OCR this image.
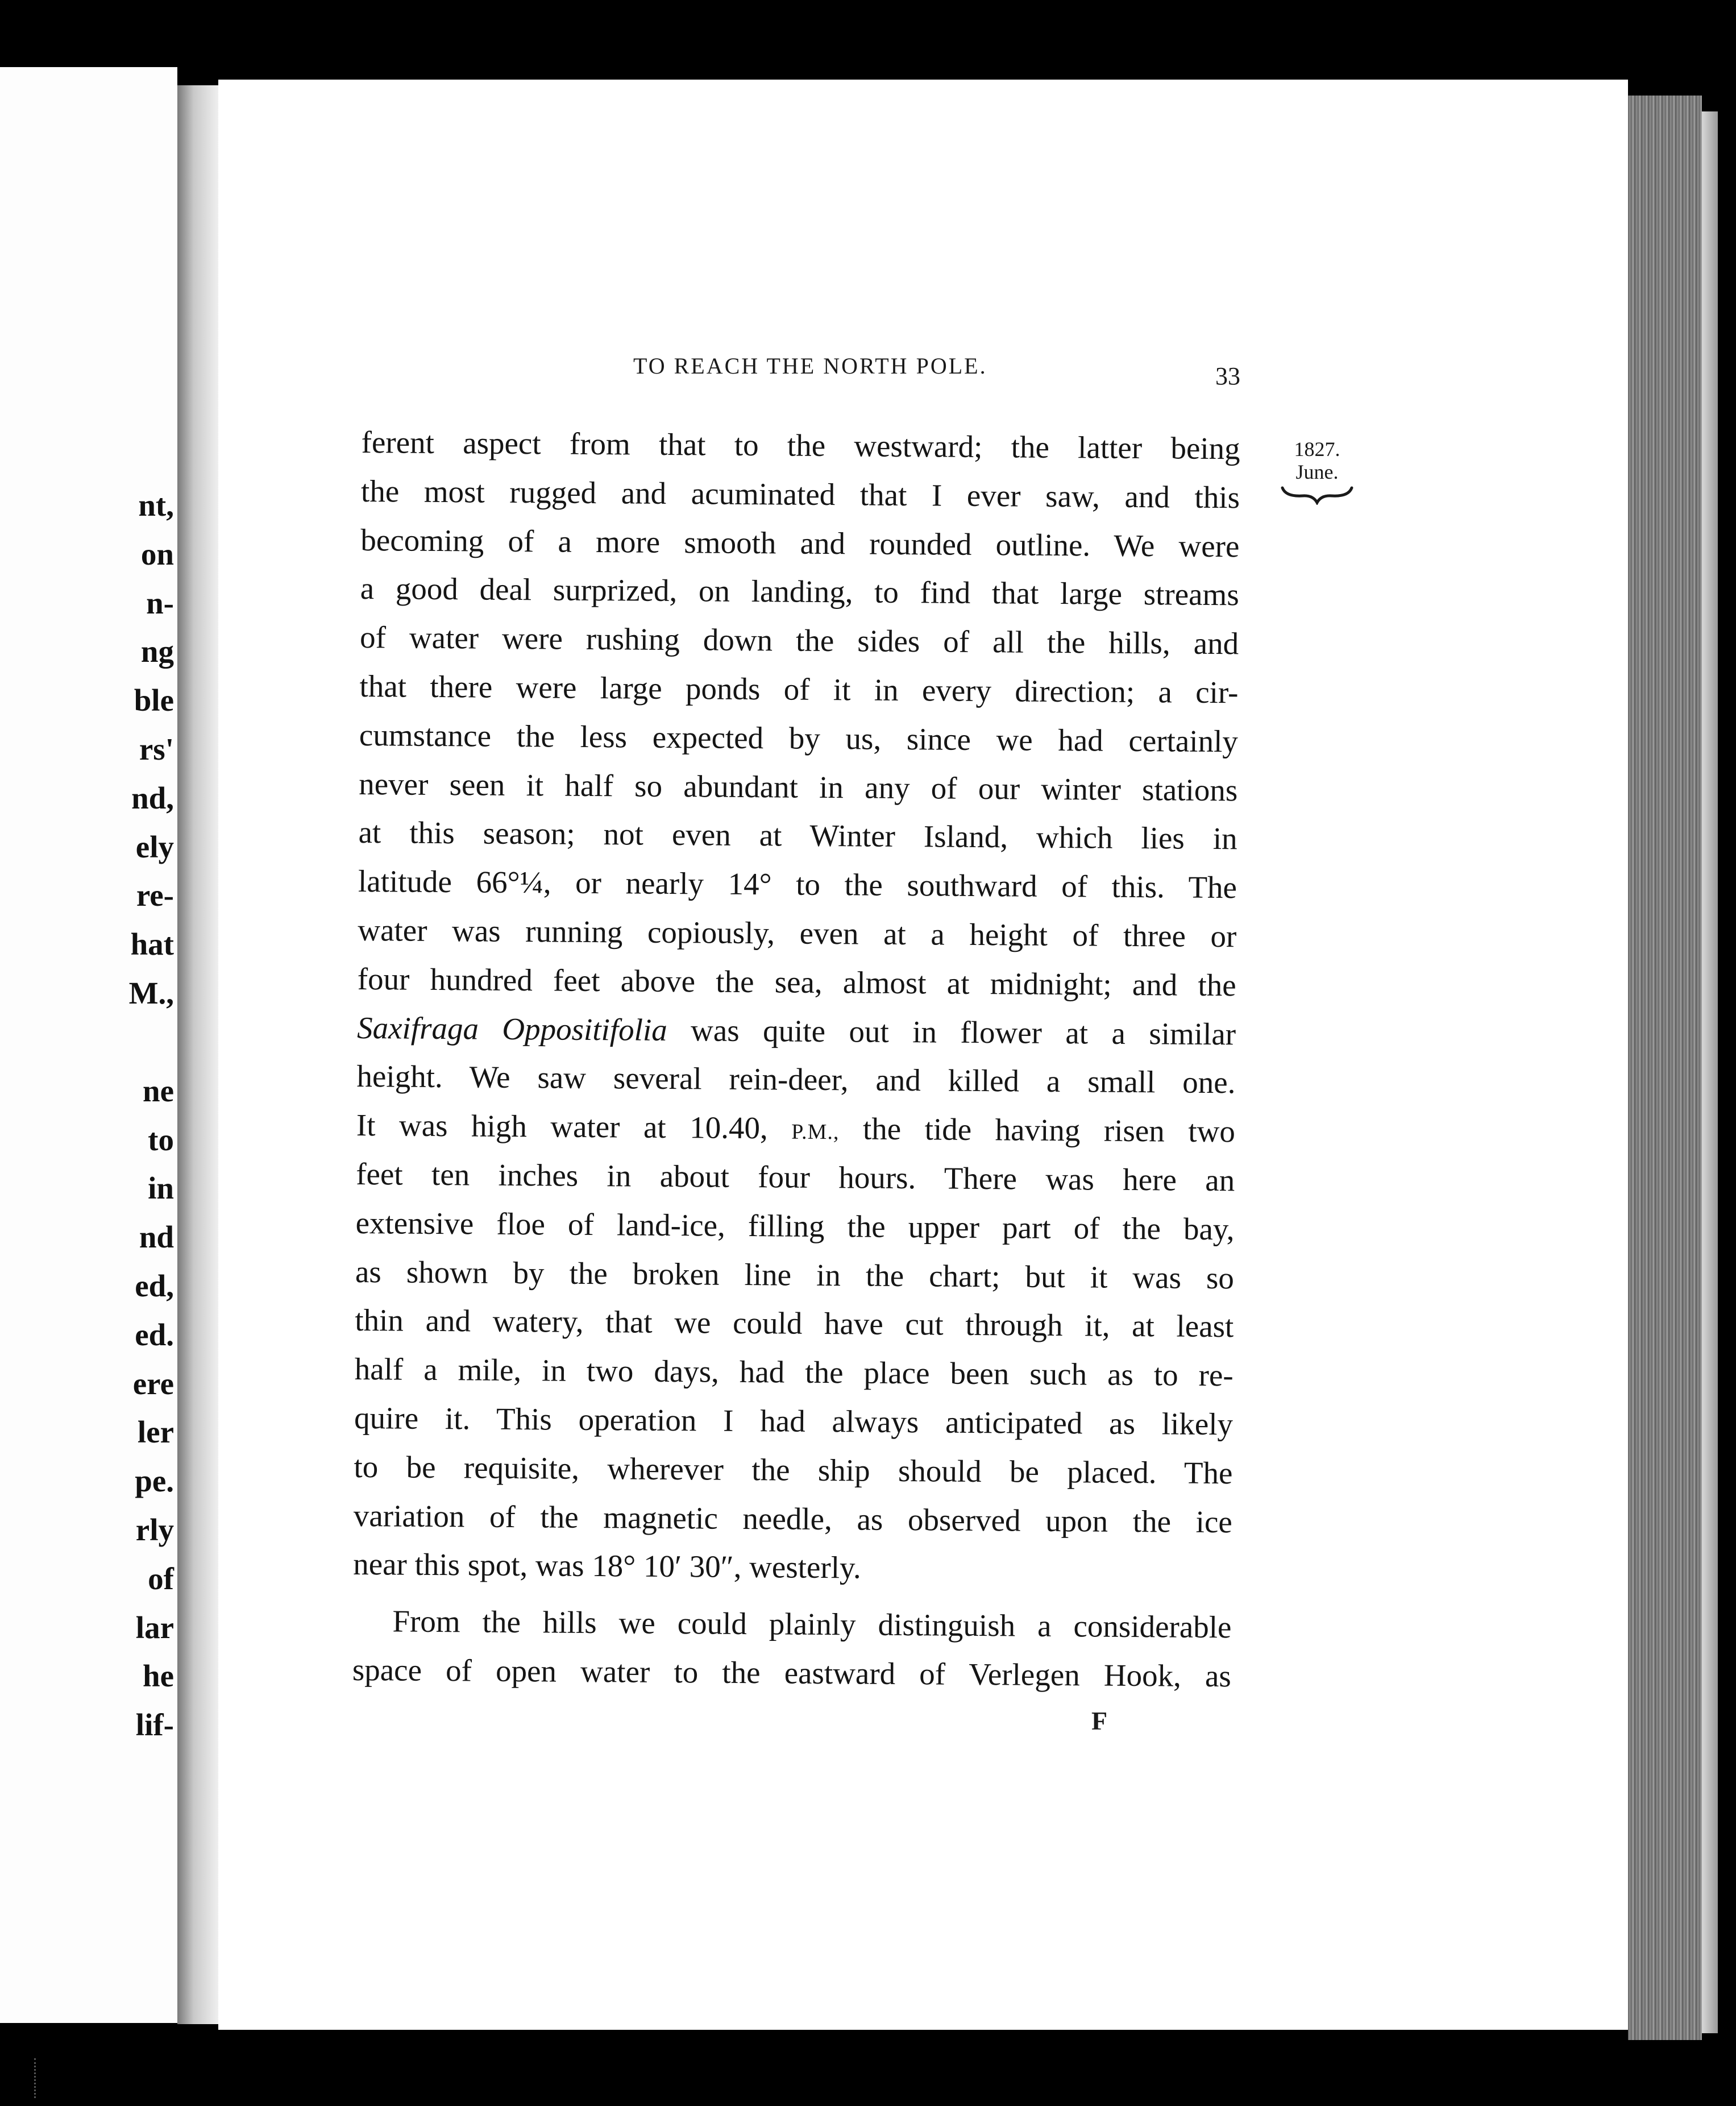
nt,
on
n-
ng
ble
rs'
nd,
ely
re-
hat
M.,
ne
to
in
nd
ed,
ed.
ere
ler
pe.
rly
of
lar
he
lif-
TO REACH THE NORTH POLE.	33
1827.
June.
ferent aspect from that to the westward; the latter being
the most rugged and acuminated that I ever saw, and this
becoming of a more smooth and rounded outline. We were
a good deal surprized, on landing, to find that large streams
of water were rushing down the sides of all the hills, and
that there were large ponds of it in every direction; a cir-
cumstance the less expected by us, since we had certainly
never seen it half so abundant in any of our winter stations
at this season; not even at Winter Island, which lies in
latitude 66°¼, or nearly 14° to the southward of this. The
water was running copiously, even at a height of three or
four hundred feet above the sea, almost at midnight; and the
Saxifraga Oppositifolia was quite out in flower at a similar
height. We saw several rein-deer, and killed a small one.
It was high water at 10.40, P.M., the tide having risen two
feet ten inches in about four hours. There was here an
extensive floe of land-ice, filling the upper part of the bay,
as shown by the broken line in the chart; but it was so
thin and watery, that we could have cut through it, at least
half a mile, in two days, had the place been such as to re-
quire it. This operation I had always anticipated as likely
to be requisite, wherever the ship should be placed. The
variation of the magnetic needle, as observed upon the ice
near this spot, was 18° 10′ 30″, westerly.
From the hills we could plainly distinguish a considerable
space of open water to the eastward of Verlegen Hook, as
F
